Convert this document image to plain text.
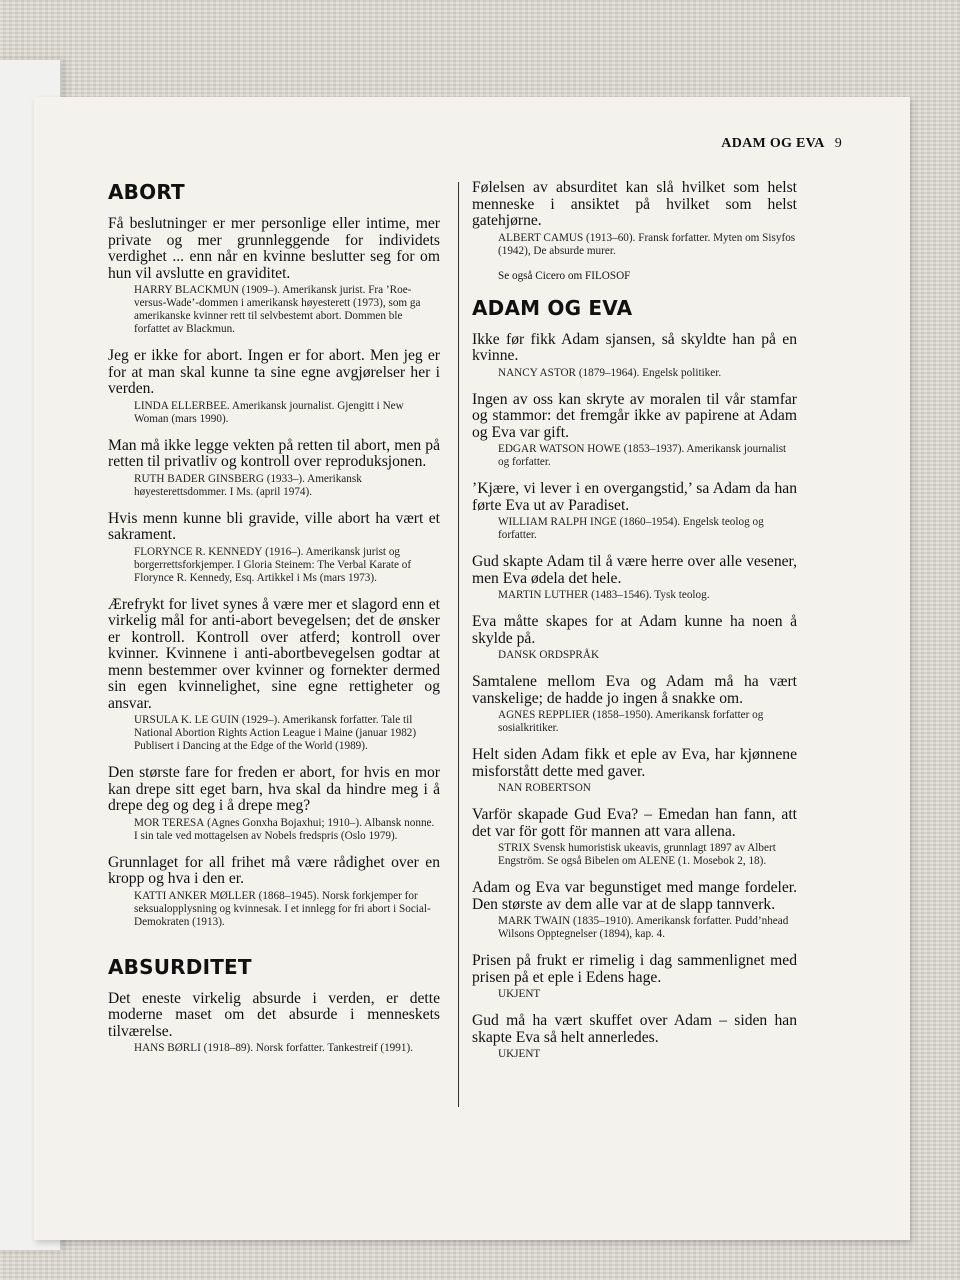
ADAM OG EVA 9
ABORT

Få beslutninger er mer personlige eller intime, mer private og mer grunnleggende for individets verdighet ... enn når en kvinne beslutter seg for om hun vil avslutte en graviditet.

HARRY BLACKMUN (1909–). Amerikansk jurist. Fra ’Roe-versus-Wade’-dommen i amerikansk høyesterett (1973), som ga amerikanske kvinner rett til selvbestemt abort. Dommen ble forfattet av Blackmun.

Jeg er ikke for abort. Ingen er for abort. Men jeg er for at man skal kunne ta sine egne avgjørelser her i verden.

LINDA ELLERBEE. Amerikansk journalist. Gjengitt i New Woman (mars 1990).

Man må ikke legge vekten på retten til abort, men på retten til privatliv og kontroll over reproduksjonen.

RUTH BADER GINSBERG (1933–). Amerikansk høyesterettsdommer. I Ms. (april 1974).

Hvis menn kunne bli gravide, ville abort ha vært et sakrament.

FLORYNCE R. KENNEDY (1916–). Amerikansk jurist og borgerrettsforkjemper. I Gloria Steinem: The Verbal Karate of Florynce R. Kennedy, Esq. Artikkel i Ms (mars 1973).

Ærefrykt for livet synes å være mer et slagord enn et virkelig mål for anti-abort bevegelsen; det de ønsker er kontroll. Kontroll over atferd; kontroll over kvinner. Kvinnene i anti-abortbevegelsen godtar at menn bestemmer over kvinner og fornekter dermed sin egen kvinnelighet, sine egne rettigheter og ansvar.

URSULA K. LE GUIN (1929–). Amerikansk forfatter. Tale til National Abortion Rights Action League i Maine (januar 1982) Publisert i Dancing at the Edge of the World (1989).

Den største fare for freden er abort, for hvis en mor kan drepe sitt eget barn, hva skal da hindre meg i å drepe deg og deg i å drepe meg?

MOR TERESA (Agnes Gonxha Bojaxhui; 1910–). Albansk nonne. I sin tale ved mottagelsen av Nobels fredspris (Oslo 1979).

Grunnlaget for all frihet må være rådighet over en kropp og hva i den er.

KATTI ANKER MØLLER (1868–1945). Norsk forkjemper for seksualopplysning og kvinnesak. I et innlegg for fri abort i Social-Demokraten (1913).
ABSURDITET

Det eneste virkelig absurde i verden, er dette moderne maset om det absurde i menneskets tilværelse.

HANS BØRLI (1918–89). Norsk forfatter. Tankestreif (1991).

Følelsen av absurditet kan slå hvilket som helst menneske i ansiktet på hvilket som helst gatehjørne.

ALBERT CAMUS (1913–60). Fransk forfatter. Myten om Sisyfos (1942), De absurde murer.
Se også Cicero om FILOSOF
ADAM OG EVA

Ikke før fikk Adam sjansen, så skyldte han på en kvinne.

NANCY ASTOR (1879–1964). Engelsk politiker.

Ingen av oss kan skryte av moralen til vår stamfar og stammor: det fremgår ikke av papirene at Adam og Eva var gift.

EDGAR WATSON HOWE (1853–1937). Amerikansk journalist og forfatter.

’Kjære, vi lever i en overgangstid,’ sa Adam da han førte Eva ut av Paradiset.

WILLIAM RALPH INGE (1860–1954). Engelsk teolog og forfatter.

Gud skapte Adam til å være herre over alle vesener, men Eva ødela det hele.

MARTIN LUTHER (1483–1546). Tysk teolog.

Eva måtte skapes for at Adam kunne ha noen å skylde på.

DANSK ORDSPRÅK

Samtalene mellom Eva og Adam må ha vært vanskelige; de hadde jo ingen å snakke om.

AGNES REPPLIER (1858–1950). Amerikansk forfatter og sosialkritiker.

Helt siden Adam fikk et eple av Eva, har kjønnene misforstått dette med gaver.

NAN ROBERTSON

Varför skapade Gud Eva? – Emedan han fann, att det var för gott för mannen att vara allena.

STRIX Svensk humoristisk ukeavis, grunnlagt 1897 av Albert Engström. Se også Bibelen om ALENE (1. Mosebok 2, 18).

Adam og Eva var begunstiget med mange fordeler. Den største av dem alle var at de slapp tannverk.

MARK TWAIN (1835–1910). Amerikansk forfatter. Pudd’nhead Wilsons Opptegnelser (1894), kap. 4.

Prisen på frukt er rimelig i dag sammenlignet med prisen på et eple i Edens hage.

UKJENT

Gud må ha vært skuffet over Adam – siden han skapte Eva så helt annerledes.

UKJENT
